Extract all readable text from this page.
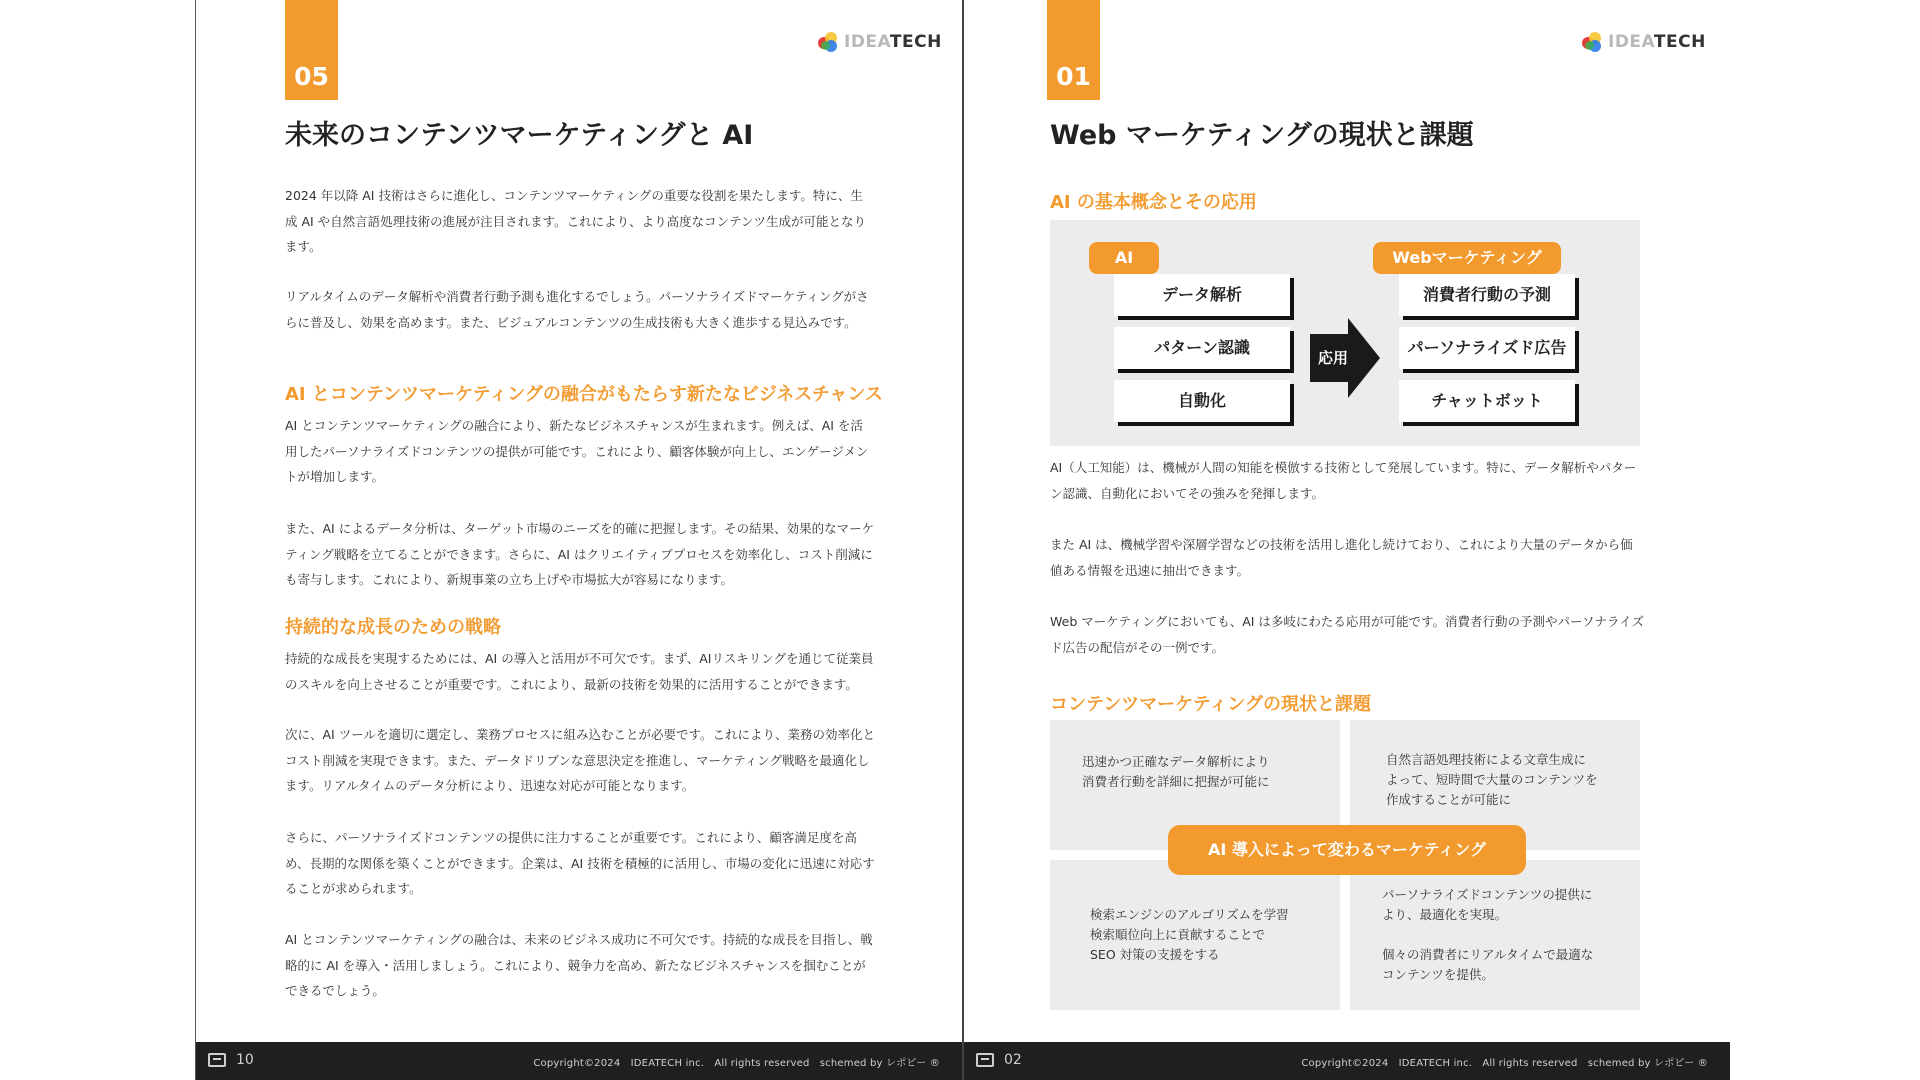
05
IDEATECH
未来のコンテンツマーケティングと AI
2024 年以降 AI 技術はさらに進化し、コンテンツマーケティングの重要な役割を果たします。特に、生成 AI や自然言語処理技術の進展が注目されます。これにより、より高度なコンテンツ生成が可能となります。
リアルタイムのデータ解析や消費者行動予測も進化するでしょう。パーソナライズドマーケティングがさらに普及し、効果を高めます。また、ビジュアルコンテンツの生成技術も大きく進歩する見込みです。
AI とコンテンツマーケティングの融合がもたらす新たなビジネスチャンス
AI とコンテンツマーケティングの融合により、新たなビジネスチャンスが生まれます。例えば、AI を活用したパーソナライズドコンテンツの提供が可能です。これにより、顧客体験が向上し、エンゲージメントが増加します。
また、AI によるデータ分析は、ターゲット市場のニーズを的確に把握します。その結果、効果的なマーケティング戦略を立てることができます。さらに、AI はクリエイティブプロセスを効率化し、コスト削減にも寄与します。これにより、新規事業の立ち上げや市場拡大が容易になります。
持続的な成長のための戦略
持続的な成長を実現するためには、AI の導入と活用が不可欠です。まず、AIリスキリングを通じて従業員のスキルを向上させることが重要です。これにより、最新の技術を効果的に活用することができます。
次に、AI ツールを適切に選定し、業務プロセスに組み込むことが必要です。これにより、業務の効率化とコスト削減を実現できます。また、データドリブンな意思決定を推進し、マーケティング戦略を最適化します。リアルタイムのデータ分析により、迅速な対応が可能となります。
さらに、パーソナライズドコンテンツの提供に注力することが重要です。これにより、顧客満足度を高め、長期的な関係を築くことができます。企業は、AI 技術を積極的に活用し、市場の変化に迅速に対応することが求められます。
AI とコンテンツマーケティングの融合は、未来のビジネス成功に不可欠です。持続的な成長を目指し、戦略的に AI を導入・活用しましょう。これにより、競争力を高め、新たなビジネスチャンスを掴むことができるでしょう。
10	Copyright©2024　IDEATECH inc.　All rights reserved　schemed by レポピー ®
01
IDEATECH
Web マーケティングの現状と課題
AI の基本概念とその応用
AI
データ解析
パターン認識
自動化
応用
Webマーケティング
消費者行動の予測
パーソナライズド広告
チャットボット
AI（人工知能）は、機械が人間の知能を模倣する技術として発展しています。特に、データ解析やパターン認識、自動化においてその強みを発揮します。
また AI は、機械学習や深層学習などの技術を活用し進化し続けており、これにより大量のデータから価値ある情報を迅速に抽出できます。
Web マーケティングにおいても、AI は多岐にわたる応用が可能です。消費者行動の予測やパーソナライズド広告の配信がその一例です。
コンテンツマーケティングの現状と課題
迅速かつ正確なデータ解析により
消費者行動を詳細に把握が可能に
自然言語処理技術による文章生成に
よって、短時間で大量のコンテンツを
作成することが可能に
検索エンジンのアルゴリズムを学習
検索順位向上に貢献することで
SEO 対策の支援をする
パーソナライズドコンテンツの提供に
より、最適化を実現。

個々の消費者にリアルタイムで最適な
コンテンツを提供。
AI 導入によって変わるマーケティング
02	Copyright©2024　IDEATECH inc.　All rights reserved　schemed by レポピー ®
